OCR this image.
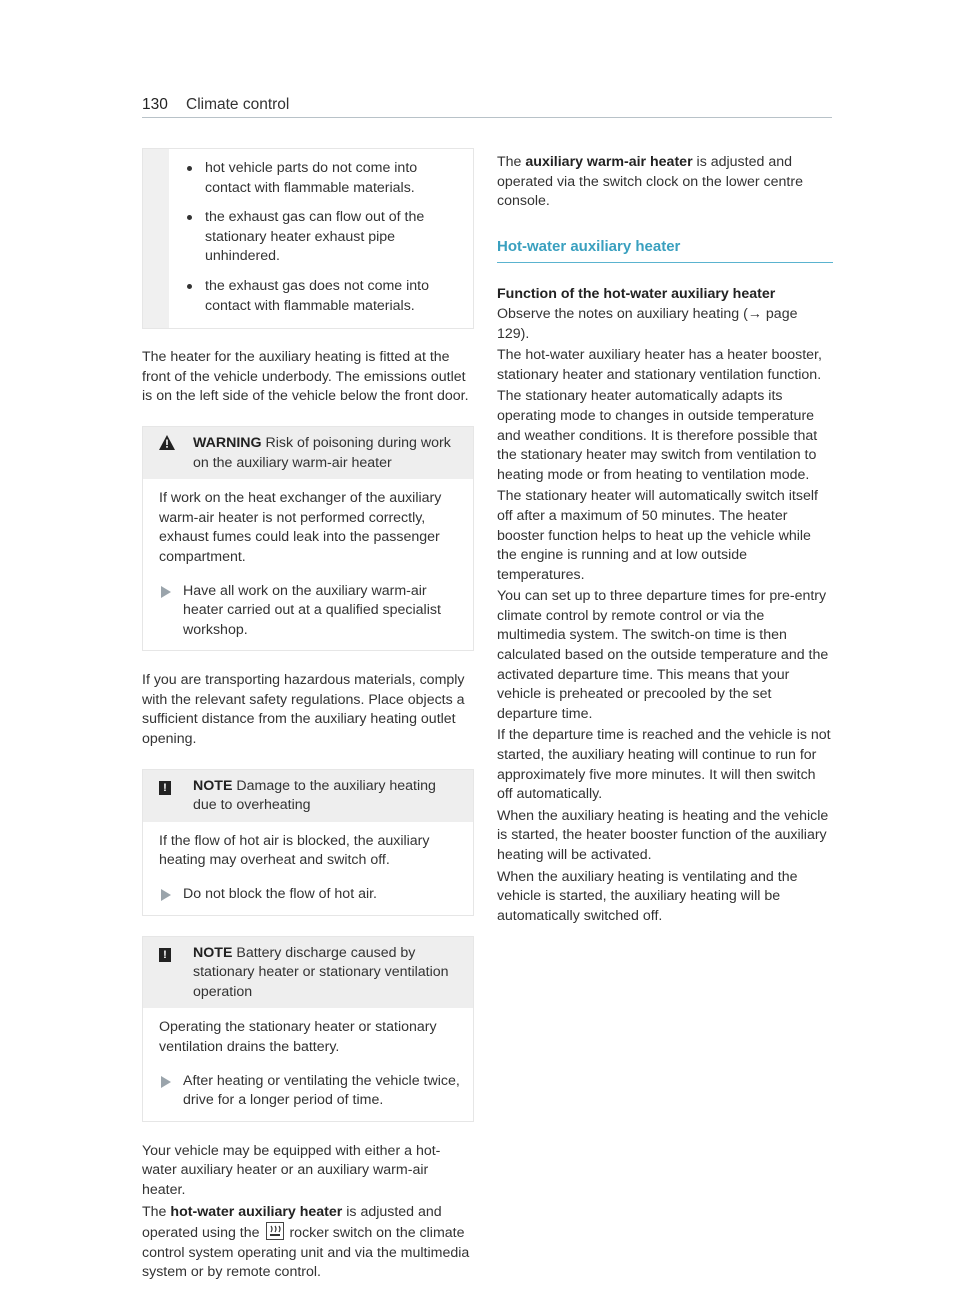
130 Climate control
hot vehicle parts do not come into contact with flammable materials.
the exhaust gas can flow out of the stationary heater exhaust pipe unhindered.
the exhaust gas does not come into contact with flammable materials.

The heater for the auxiliary heating is fitted at the front of the vehicle underbody. The emissions outlet is on the left side of the vehicle below the front door.

WARNING Risk of poisoning during work on the auxiliary warm-air heater

If work on the heat exchanger of the auxiliary warm-air heater is not performed correctly, exhaust fumes could leak into the passenger compartment.

Have all work on the auxiliary warm-air heater carried out at a qualified specialist workshop.

If you are transporting hazardous materials, comply with the relevant safety regulations. Place objects a sufficient distance from the auxiliary heating outlet opening.

! NOTE Damage to the auxiliary heating due to overheating

If the flow of hot air is blocked, the auxiliary heating may overheat and switch off.

Do not block the flow of hot air.
! NOTE Battery discharge caused by stationary heater or stationary ventilation operation

Operating the stationary heater or stationary ventilation drains the battery.

After heating or ventilating the vehicle twice, drive for a longer period of time.

Your vehicle may be equipped with either a hot-water auxiliary heater or an auxiliary warm-air heater.

The hot-water auxiliary heater is adjusted and operated using the rocker switch on the climate control system operating unit and via the multimedia system or by remote control.

The auxiliary warm-air heater is adjusted and operated via the switch clock on the lower centre console.

Hot-water auxiliary heater
Function of the hot-water auxiliary heater

Observe the notes on auxiliary heating (→ page 129).

The hot-water auxiliary heater has a heater booster, stationary heater and stationary ventilation function.

The stationary heater automatically adapts its operating mode to changes in outside temperature and weather conditions. It is therefore possible that the stationary heater may switch from ventilation to heating mode or from heating to ventilation mode.

The stationary heater will automatically switch itself off after a maximum of 50 minutes. The heater booster function helps to heat up the vehicle while the engine is running and at low outside temperatures.

You can set up to three departure times for pre-entry climate control by remote control or via the multimedia system. The switch-on time is then calculated based on the outside temperature and the activated departure time. This means that your vehicle is preheated or precooled by the set departure time.

If the departure time is reached and the vehicle is not started, the auxiliary heating will continue to run for approximately five more minutes. It will then switch off automatically.

When the auxiliary heating is heating and the vehicle is started, the heater booster function of the auxiliary heating will be activated.

When the auxiliary heating is ventilating and the vehicle is started, the auxiliary heating will be automatically switched off.
